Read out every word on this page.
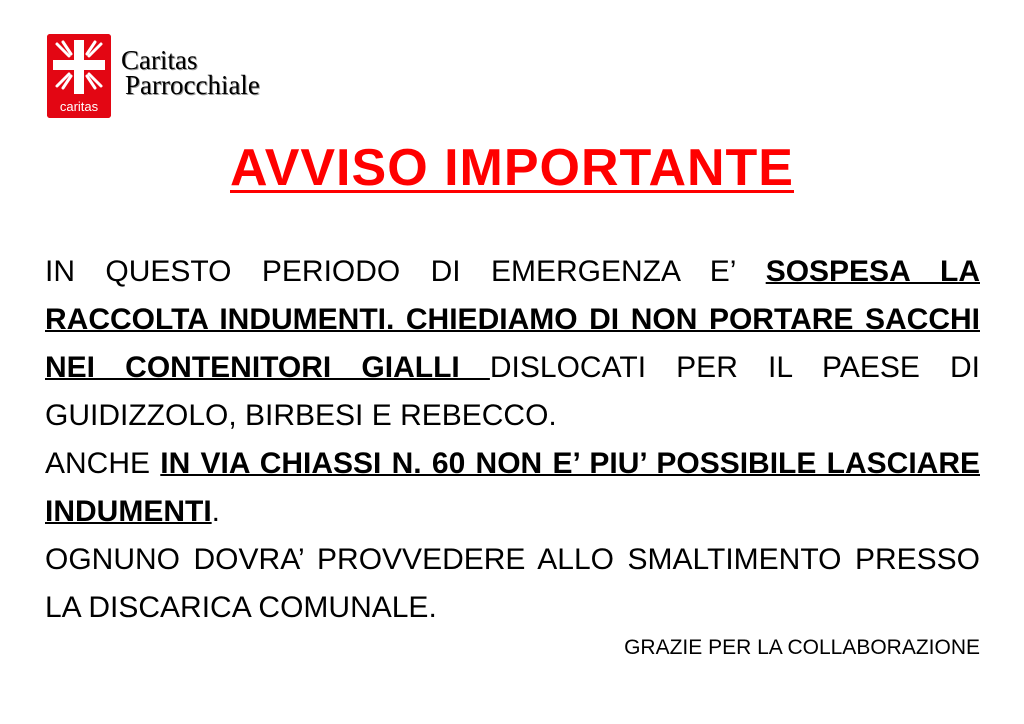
caritas
Caritas
Parrocchiale
AVVISO IMPORTANTE

IN QUESTO PERIODO DI EMERGENZA E’ SOSPESA LA RACCOLTA INDUMENTI. CHIEDIAMO DI NON PORTARE SACCHI NEI CONTENITORI GIALLI DISLOCATI PER IL PAESE DI GUIDIZZOLO, BIRBESI E REBECCO.

ANCHE IN VIA CHIASSI N. 60 NON E’ PIU’ POSSIBILE LASCIARE INDUMENTI.

OGNUNO DOVRA’ PROVVEDERE ALLO SMALTIMENTO PRESSO LA DISCARICA COMUNALE.

GRAZIE PER LA COLLABORAZIONE
